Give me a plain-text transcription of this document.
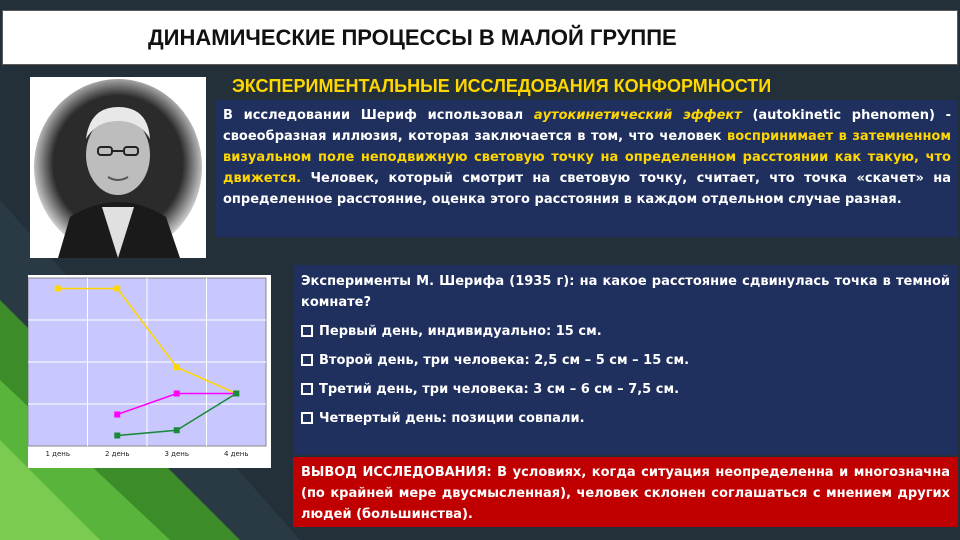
ДИНАМИЧЕСКИЕ ПРОЦЕССЫ В МАЛОЙ ГРУППЕ
ЭКСПЕРИМЕНТАЛЬНЫЕ ИССЛЕДОВАНИЯ КОНФОРМНОСТИ
В исследовании Шериф использовал аутокинетический эффект (autokinetic phenomen) - своеобразная иллюзия, которая заключается в том, что человек воспринимает в затемненном визуальном поле неподвижную световую точку на определенном расстоянии как такую, что движется. Человек, который смотрит на световую точку, считает, что точка «скачет» на определенное расстояние, оценка этого расстояния в каждом отдельном случае разная.
1 день	2 день	3 день	4 день
Эксперименты М. Шерифа (1935 г): на какое расстояние сдвинулась точка в темной комнате?
Первый день, индивидуально: 15 см.
Второй день, три человека: 2,5 см – 5 см – 15 см.
Третий день, три человека: 3 см – 6 см – 7,5 см.
Четвертый день: позиции совпали.
ВЫВОД ИССЛЕДОВАНИЯ: В условиях, когда ситуация неопределенна и многозначна (по крайней мере двусмысленная), человек склонен соглашаться с мнением других людей (большинства).
